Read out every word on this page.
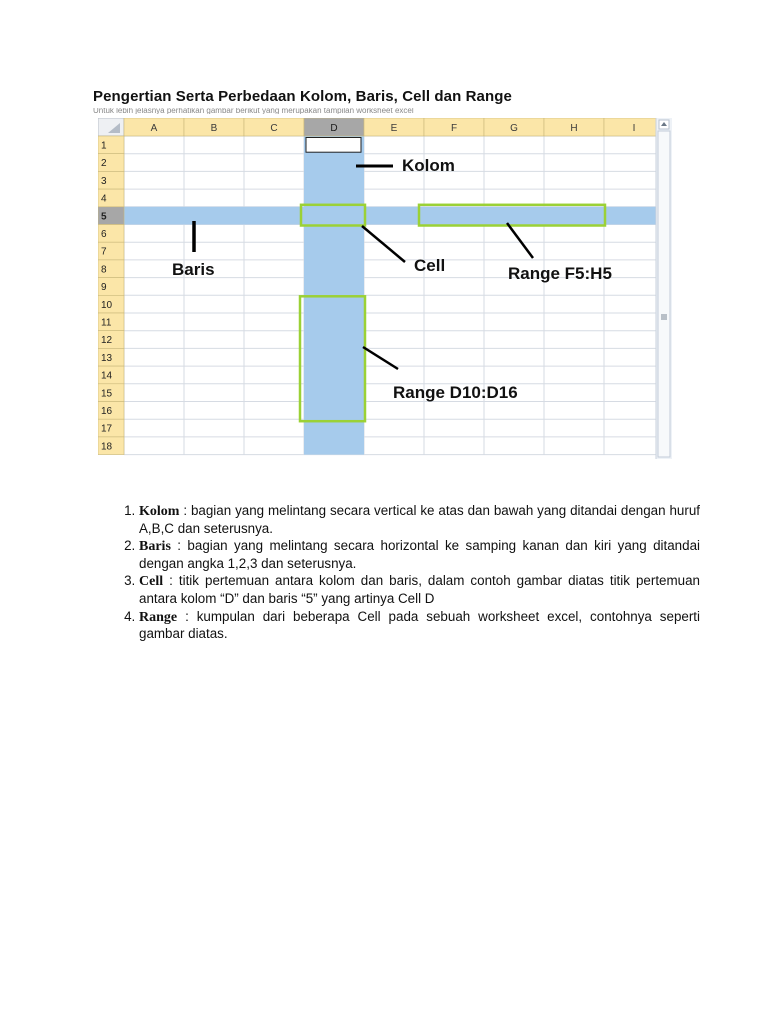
Pengertian Serta Perbedaan Kolom, Baris, Cell dan Range
Untuk lebih jelasnya perhatikan gambar berikut yang merupakan tampilan worksheet excel
A	B	C	D	E	F	G	H	I
1
2
3
4
5
6
7
8
9
10
11
12
13
14
15
16
17
18
Kolom
Baris	Cell	Range F5:H5
Range D10:D16
1. Kolom : bagian yang melintang secara vertical ke atas dan bawah yang ditandai dengan huruf A,B,C dan seterusnya.
2. Baris : bagian yang melintang secara horizontal ke samping kanan dan kiri yang ditandai dengan angka 1,2,3 dan seterusnya.
3. Cell : titik pertemuan antara kolom dan baris, dalam contoh gambar diatas titik pertemuan antara kolom “D” dan baris “5” yang artinya Cell D
4. Range : kumpulan dari beberapa Cell pada sebuah worksheet excel, contohnya seperti gambar diatas.
